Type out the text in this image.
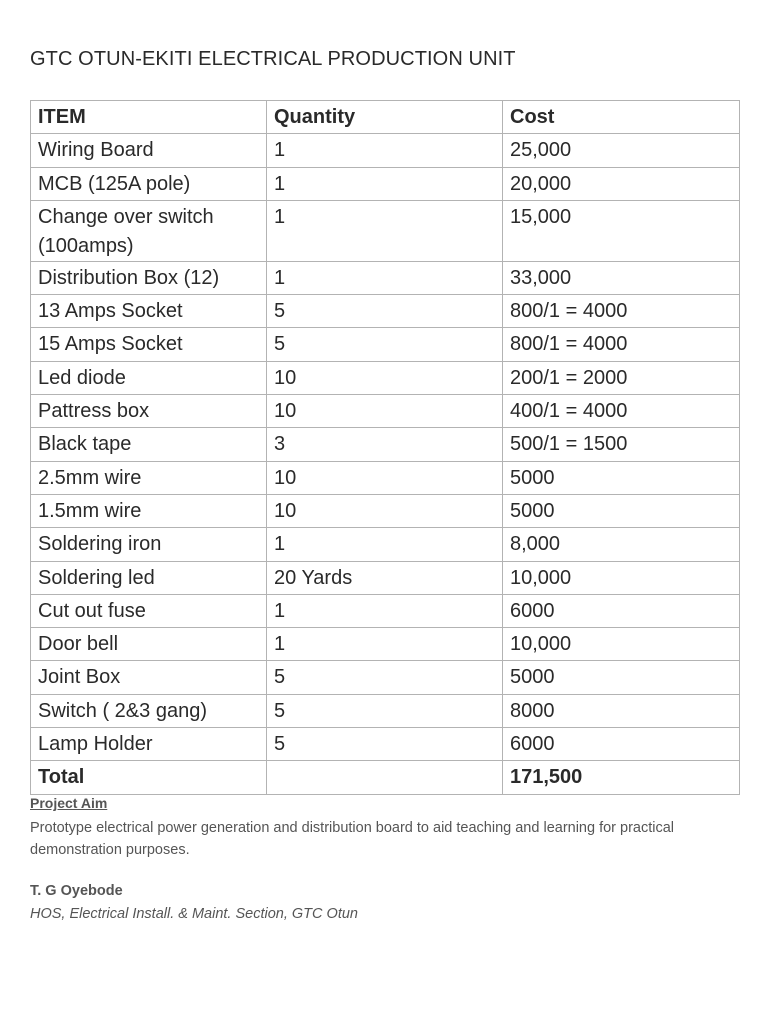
GTC OTUN-EKITI ELECTRICAL PRODUCTION UNIT
ITEM	Quantity	Cost
Wiring Board	1	25,000
MCB (125A pole)	1	20,000
Change over switch (100amps)	1	15,000
Distribution Box (12)	1	33,000
13 Amps Socket	5	800/1 = 4000
15 Amps Socket	5	800/1 = 4000
Led diode	10	200/1 = 2000
Pattress box	10	400/1 = 4000
Black tape	3	500/1 = 1500
2.5mm wire	10	5000
1.5mm wire	10	5000
Soldering iron	1	8,000
Soldering led	20 Yards	10,000
Cut out fuse	1	6000
Door bell	1	10,000
Joint Box	5	5000
Switch ( 2&3 gang)	5	8000
Lamp Holder	5	6000
Total		171,500
Project Aim
Prototype electrical power generation and distribution board to aid teaching and learning for practical demonstration purposes.
T. G Oyebode
HOS, Electrical Install. & Maint. Section, GTC Otun
